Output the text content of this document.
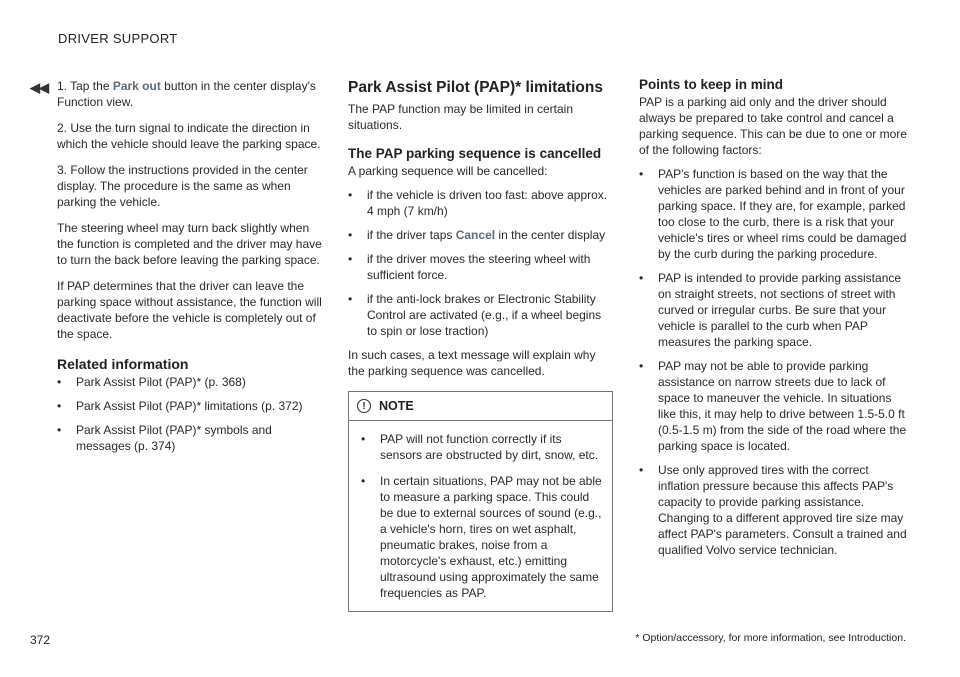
DRIVER SUPPORT
◀◀ 1. Tap the Park out button in the center display's Function view.

2. Use the turn signal to indicate the direction in which the vehicle should leave the parking space.

3. Follow the instructions provided in the center display. The procedure is the same as when parking the vehicle.

The steering wheel may turn back slightly when the function is completed and the driver may have to turn the back before leaving the parking space.

If PAP determines that the driver can leave the parking space without assistance, the function will deactivate before the vehicle is completely out of the space.

Related information
• Park Assist Pilot (PAP)* (p. 368)
• Park Assist Pilot (PAP)* limitations (p. 372)
• Park Assist Pilot (PAP)* symbols and messages (p. 374)
Park Assist Pilot (PAP)* limitations

The PAP function may be limited in certain situations.

The PAP parking sequence is cancelled

A parking sequence will be cancelled:

• if the vehicle is driven too fast: above approx. 4 mph (7 km/h)
• if the driver taps Cancel in the center display
• if the driver moves the steering wheel with sufficient force.
• if the anti-lock brakes or Electronic Stability Control are activated (e.g., if a wheel begins to spin or lose traction)

In such cases, a text message will explain why the parking sequence was cancelled.

!	NOTE
• PAP will not function correctly if its sensors are obstructed by dirt, snow, etc.
• In certain situations, PAP may not be able to measure a parking space. This could be due to external sources of sound (e.g., a vehicle's horn, tires on wet asphalt, pneumatic brakes, noise from a motorcycle's exhaust, etc.) emitting ultrasound using approximately the same frequencies as PAP.
Points to keep in mind

PAP is a parking aid only and the driver should always be prepared to take control and cancel a parking sequence. This can be due to one or more of the following factors:

• PAP's function is based on the way that the vehicles are parked behind and in front of your parking space. If they are, for example, parked too close to the curb, there is a risk that your vehicle's tires or wheel rims could be damaged by the curb during the parking procedure.
• PAP is intended to provide parking assistance on straight streets, not sections of street with curved or irregular curbs. Be sure that your vehicle is parallel to the curb when PAP measures the parking space.
• PAP may not be able to provide parking assistance on narrow streets due to lack of space to maneuver the vehicle. In situations like this, it may help to drive between 1.5-5.0 ft (0.5-1.5 m) from the side of the road where the parking space is located.
• Use only approved tires with the correct inflation pressure because this affects PAP's capacity to provide parking assistance. Changing to a different approved tire size may affect PAP's parameters. Consult a trained and qualified Volvo service technician.
372	* Option/accessory, for more information, see Introduction.
